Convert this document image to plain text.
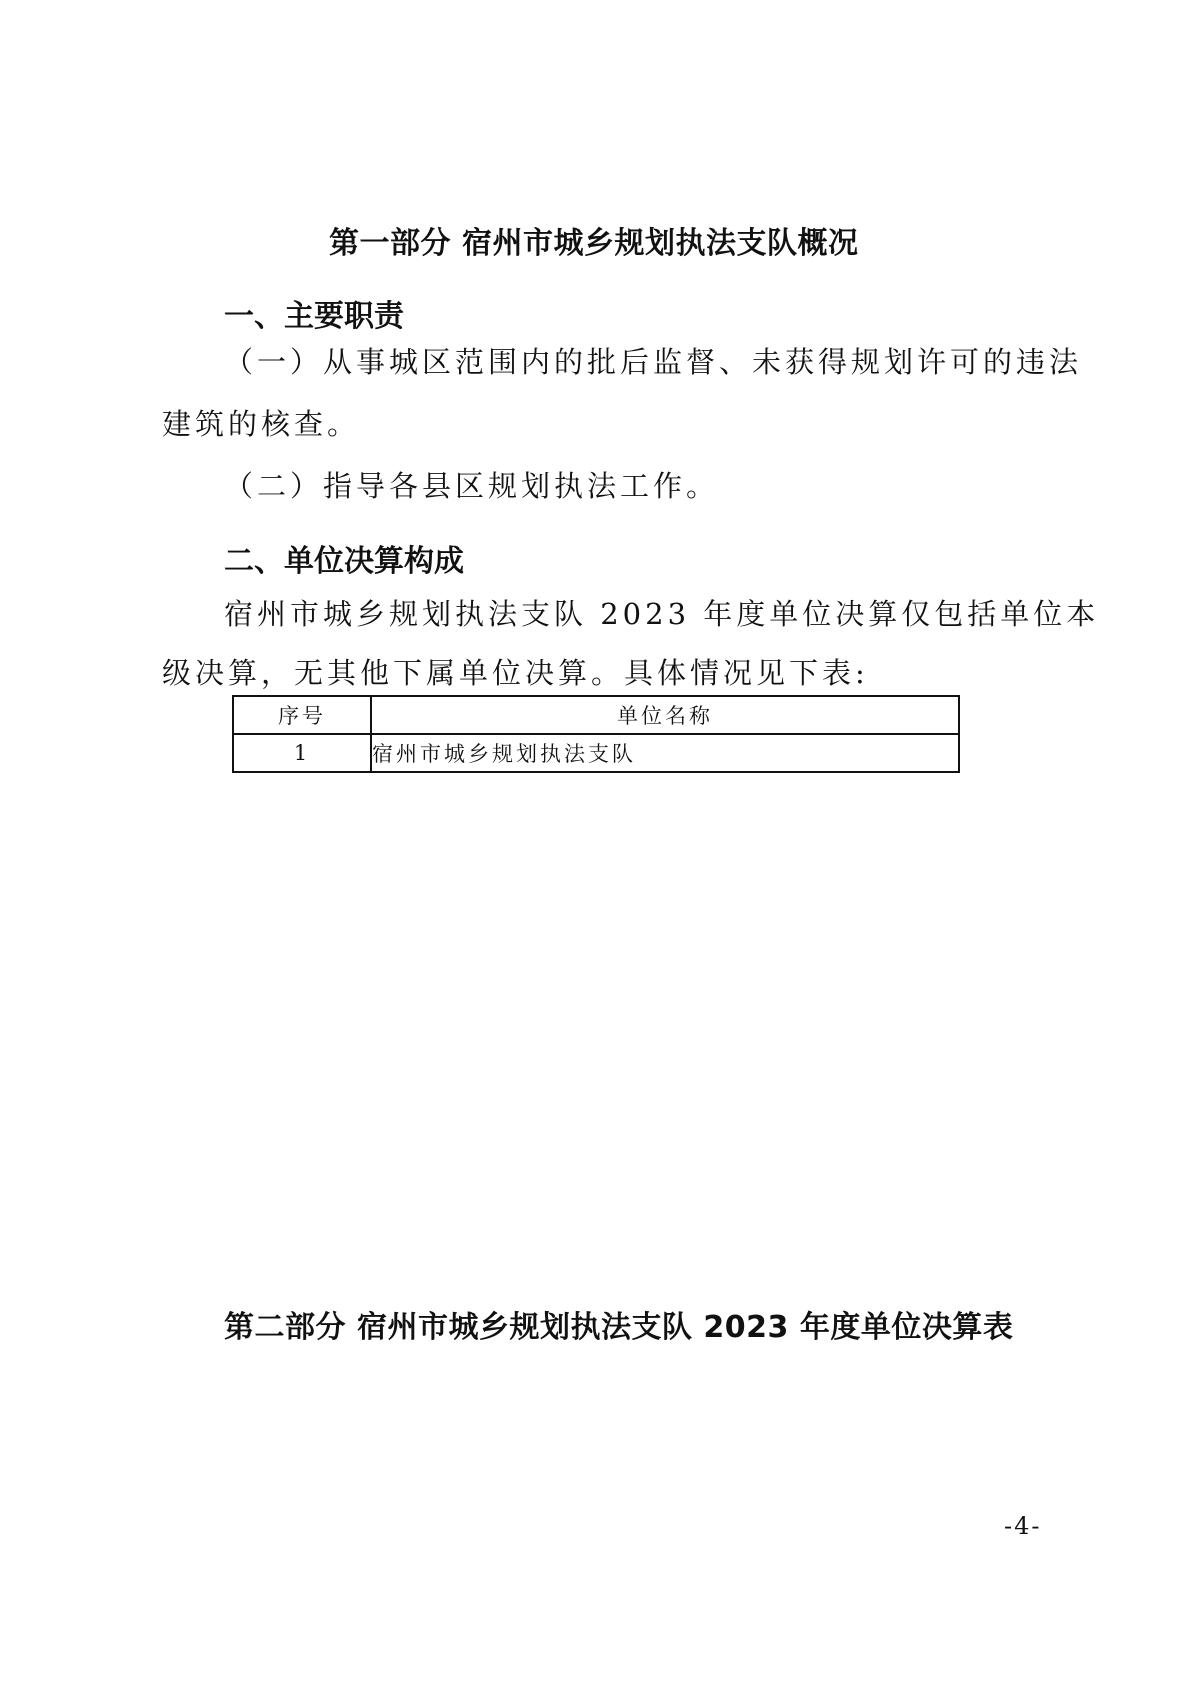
第一部分 宿州市城乡规划执法支队概况
一、主要职责
（一）从事城区范围内的批后监督、未获得规划许可的违法
建筑的核查。
（二）指导各县区规划执法工作。
二、单位决算构成
宿州市城乡规划执法支队 2023 年度单位决算仅包括单位本
级决算，无其他下属单位决算。具体情况见下表:
序号	单位名称
1	宿州市城乡规划执法支队
第二部分 宿州市城乡规划执法支队 2023 年度单位决算表
-4-
